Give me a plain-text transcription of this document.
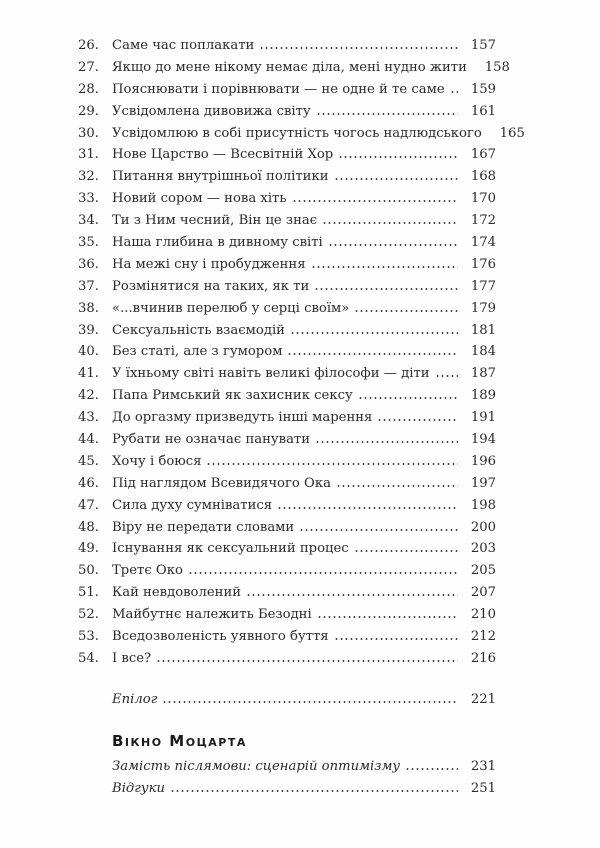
26. Саме час поплакати	157
27. Якщо до мене нікому немає діла, мені нудно жити	158
28. Пояснювати і порівнювати — не одне й те саме	159
29. Усвідомлена дивовижа світу	161
30. Усвідомлюю в собі присутність чогось надлюдського	165
31. Нове Царство — Всесвітній Хор	167
32. Питання внутрішньої політики	168
33. Новий сором — нова хіть	170
34. Ти з Ним чесний, Він це знає	172
35. Наша глибина в дивному світі	174
36. На межі сну і пробудження	176
37. Розмінятися на таких, як ти	177
38. «...вчинив перелюб у серці своїм»	179
39. Сексуальність взаємодій	181
40. Без статі, але з гумором	184
41. У їхньому світі навіть великі філософи — діти	187
42. Папа Римський як захисник сексу	189
43. До оргазму призведуть інші марення	191
44. Рубати не означає панувати	194
45. Хочу і боюся	196
46. Під наглядом Всевидячого Ока	197
47. Сила духу сумніватися	198
48. Віру не передати словами	200
49. Існування як сексуальний процес	203
50. Третє Око	205
51. Кай невдоволений	207
52. Майбутнє належить Безодні	210
53. Вседозволеність уявного буття	212
54. І все?	216
Епілог	221
Вікно Моцарта
Замість післямови: сценарій оптимізму	231
Відгуки	251
